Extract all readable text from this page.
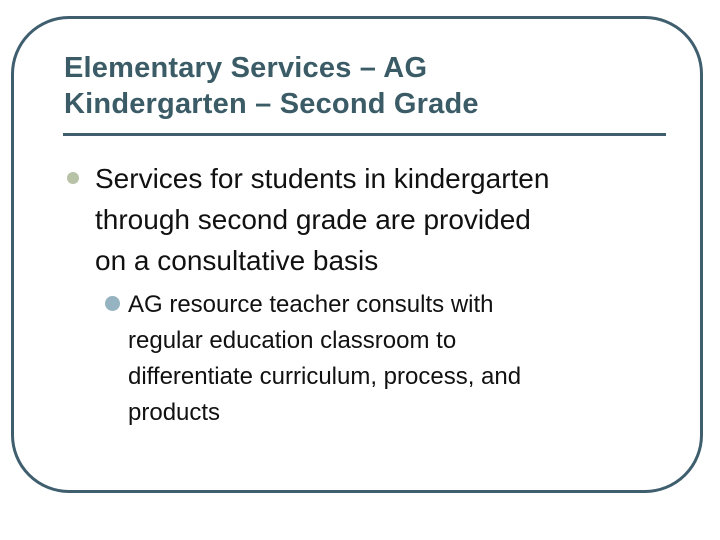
Elementary Services – AG
Kindergarten – Second Grade
Services for students in kindergarten
through second grade are provided
on a consultative basis
AG resource teacher consults with
regular education classroom to
differentiate curriculum, process, and
products
